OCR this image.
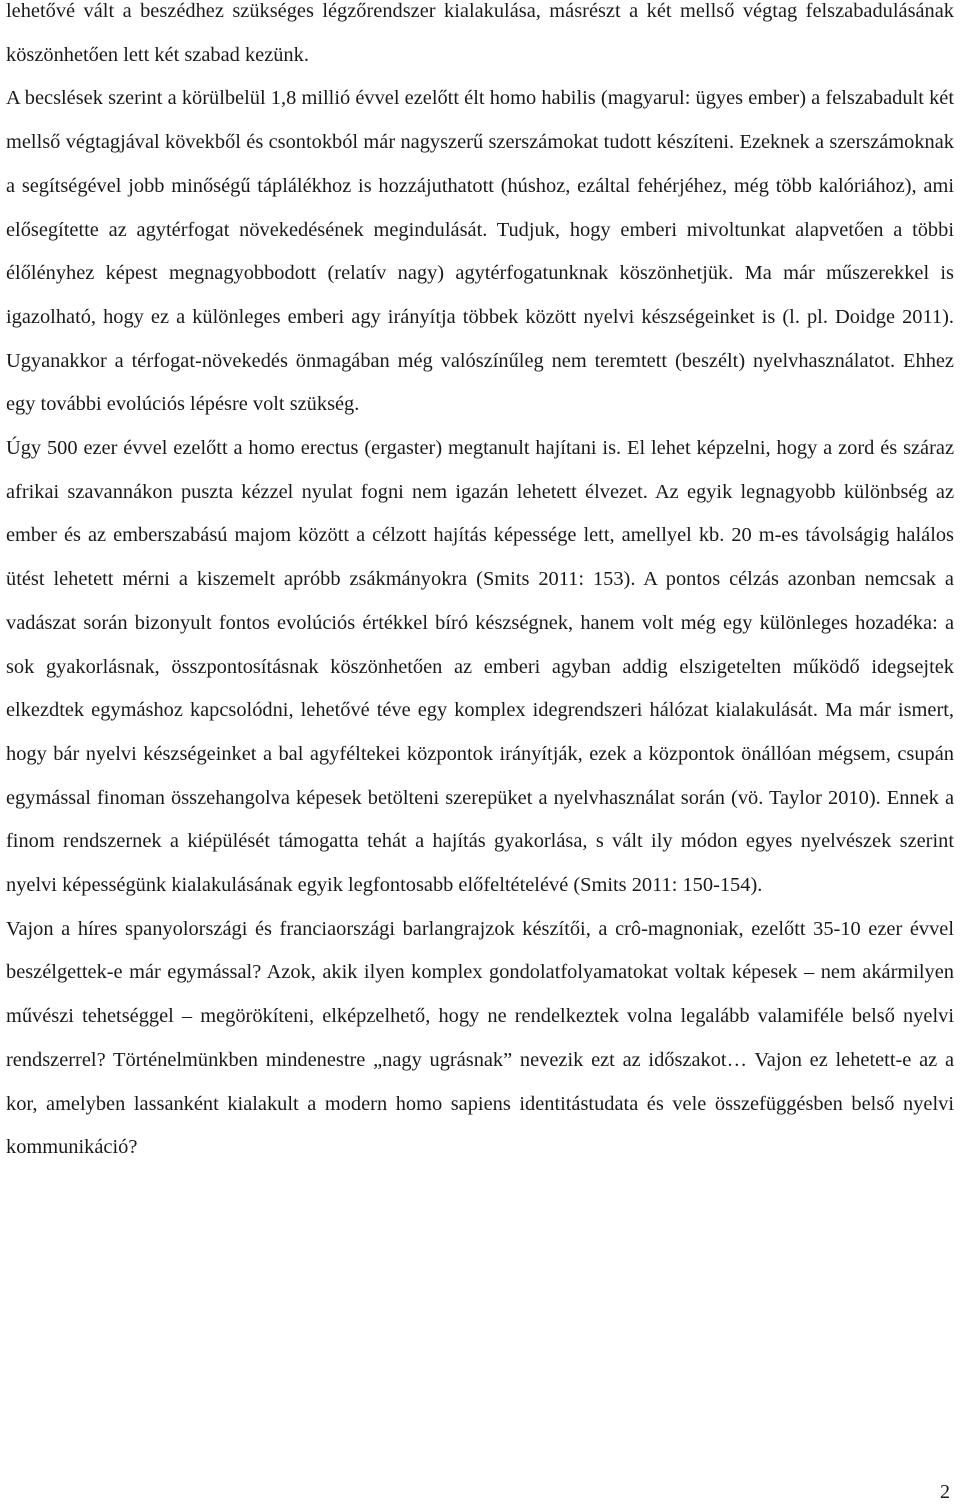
lehetővé vált a beszédhez szükséges légzőrendszer kialakulása, másrészt a két mellső végtag felszabadulásának köszönhetően lett két szabad kezünk.

A becslések szerint a körülbelül 1,8 millió évvel ezelőtt élt homo habilis (magyarul: ügyes ember) a felszabadult két mellső végtagjával kövekből és csontokból már nagyszerű szerszámokat tudott készíteni. Ezeknek a szerszámoknak a segítségével jobb minőségű táplálékhoz is hozzájuthatott (húshoz, ezáltal fehérjéhez, még több kalóriához), ami elősegítette az agytérfogat növekedésének megindulását. Tudjuk, hogy emberi mivoltunkat alapvetően a többi élőlényhez képest megnagyobbodott (relatív nagy) agytérfogatunknak köszönhetjük. Ma már műszerekkel is igazolható, hogy ez a különleges emberi agy irányítja többek között nyelvi készségeinket is (l. pl. Doidge 2011). Ugyanakkor a térfogat-növekedés önmagában még valószínűleg nem teremtett (beszélt) nyelvhasználatot. Ehhez egy további evolúciós lépésre volt szükség.

Úgy 500 ezer évvel ezelőtt a homo erectus (ergaster) megtanult hajítani is. El lehet képzelni, hogy a zord és száraz afrikai szavannákon puszta kézzel nyulat fogni nem igazán lehetett élvezet. Az egyik legnagyobb különbség az ember és az emberszabású majom között a célzott hajítás képessége lett, amellyel kb. 20 m-es távolságig halálos ütést lehetett mérni a kiszemelt apróbb zsákmányokra (Smits 2011: 153). A pontos célzás azonban nemcsak a vadászat során bizonyult fontos evolúciós értékkel bíró készségnek, hanem volt még egy különleges hozadéka: a sok gyakorlásnak, összpontosításnak köszönhetően az emberi agyban addig elszigetelten működő idegsejtek elkezdtek egymáshoz kapcsolódni, lehetővé téve egy komplex idegrendszeri hálózat kialakulását. Ma már ismert, hogy bár nyelvi készségeinket a bal agyféltekei központok irányítják, ezek a központok önállóan mégsem, csupán egymással finoman összehangolva képesek betölteni szerepüket a nyelvhasználat során (vö. Taylor 2010). Ennek a finom rendszernek a kiépülését támogatta tehát a hajítás gyakorlása, s vált ily módon egyes nyelvészek szerint nyelvi képességünk kialakulásának egyik legfontosabb előfeltételévé (Smits 2011: 150-154).

Vajon a híres spanyolországi és franciaországi barlangrajzok készítői, a crô-magnoniak, ezelőtt 35-10 ezer évvel beszélgettek-e már egymással? Azok, akik ilyen komplex gondolatfolyamatokat voltak képesek – nem akármilyen művészi tehetséggel – megörökíteni, elképzelhető, hogy ne rendelkeztek volna legalább valamiféle belső nyelvi rendszerrel? Történelmünkben mindenestre „nagy ugrásnak” nevezik ezt az időszakot… Vajon ez lehetett-e az a kor, amelyben lassanként kialakult a modern homo sapiens identitástudata és vele összefüggésben belső nyelvi kommunikáció?

2
